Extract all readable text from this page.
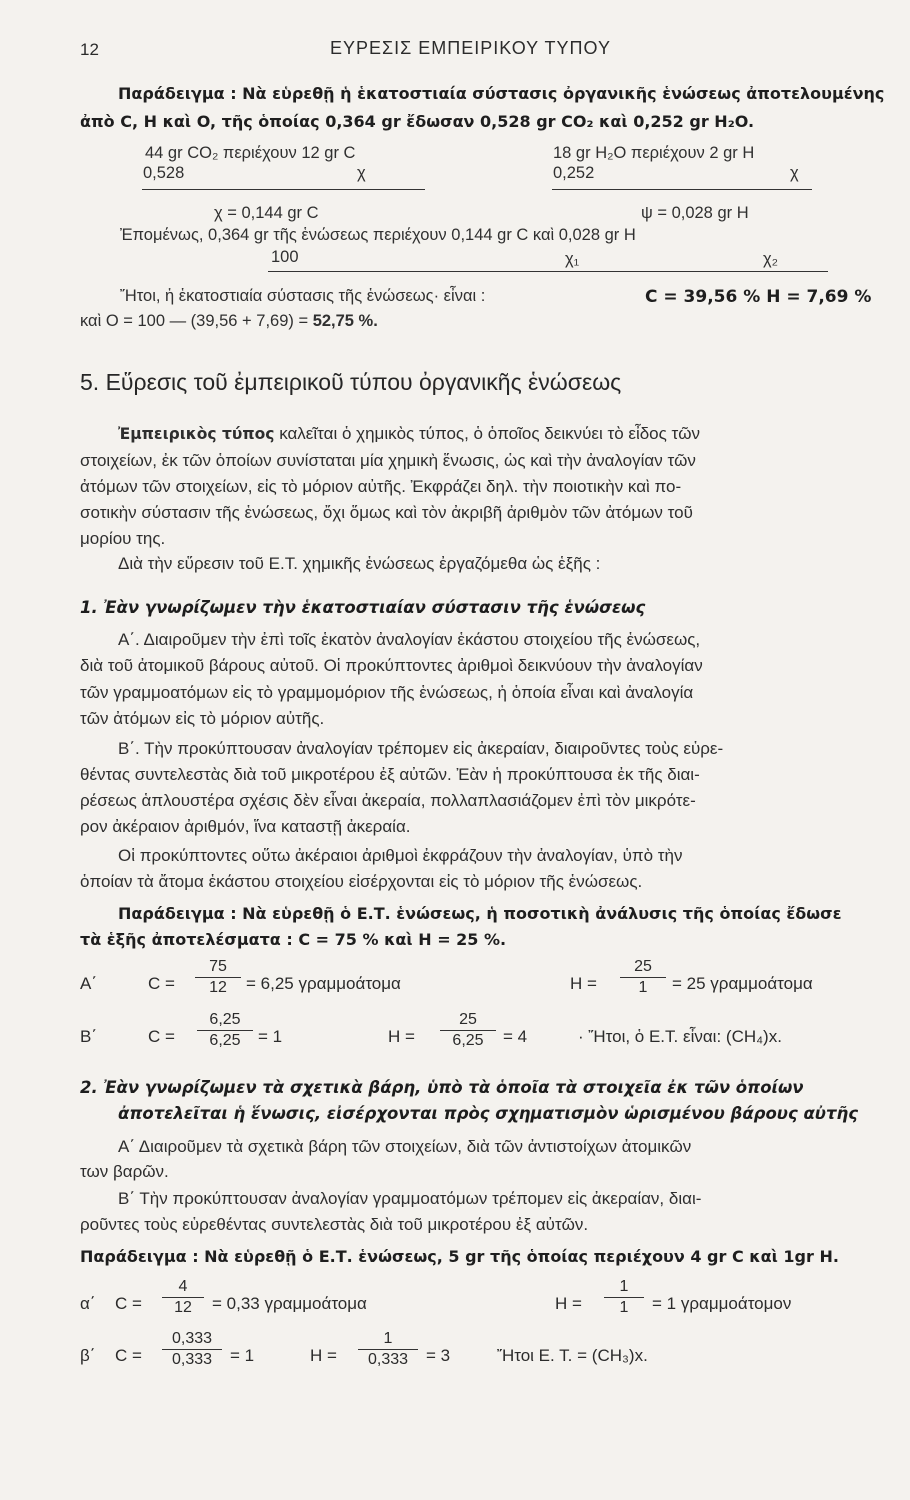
12	ΕΥΡΕΣΙΣ ΕΜΠΕΙΡΙΚΟΥ ΤΥΠΟΥ
Παράδειγμα : Νὰ εὑρεθῇ ἡ ἑκατοστιαία σύστασις ὀργανικῆς ἑνώσεως ἀποτελουμένης
ἀπὸ C, H καὶ O, τῆς ὁποίας 0,364 gr ἔδωσαν 0,528 gr CO₂ καὶ 0,252 gr H₂O.
44 gr CO₂ περιέχουν 12 gr C
0,528	χ
18 gr H₂O περιέχουν 2 gr H
0,252	χ
χ = 0,144 gr C	ψ = 0,028 gr H
Ἐπομένως, 0,364 gr τῆς ἑνώσεως περιέχουν 0,144 gr C καὶ 0,028 gr H
100	χ₁	χ₂
Ἤτοι, ἡ ἑκατοστιαία σύστασις τῆς ἑνώσεως· εἶναι :	C = 39,56 % H = 7,69 %
καὶ O = 100 — (39,56 + 7,69) = 52,75 %.
5. Εὕρεσις τοῦ ἐμπειρικοῦ τύπου ὀργανικῆς ἑνώσεως
Ἐμπειρικὸς τύπος καλεῖται ὁ χημικὸς τύπος, ὁ ὁποῖος δεικνύει τὸ εἶδος τῶν
στοιχείων, ἐκ τῶν ὁποίων συνίσταται μία χημικὴ ἕνωσις, ὡς καὶ τὴν ἀναλογίαν τῶν
ἀτόμων τῶν στοιχείων, εἰς τὸ μόριον αὐτῆς. Ἐκφράζει δηλ. τὴν ποιοτικὴν καὶ πο-
σοτικὴν σύστασιν τῆς ἑνώσεως, ὄχι ὅμως καὶ τὸν ἀκριβῆ ἀριθμὸν τῶν ἀτόμων τοῦ
μορίου της.
Διὰ τὴν εὕρεσιν τοῦ Ε.Τ. χημικῆς ἑνώσεως ἐργαζόμεθα ὡς ἑξῆς :
1. Ἐὰν γνωρίζωμεν τὴν ἑκατοστιαίαν σύστασιν τῆς ἑνώσεως
Α΄. Διαιροῦμεν τὴν ἐπὶ τοῖς ἑκατὸν ἀναλογίαν ἑκάστου στοιχείου τῆς ἑνώσεως,
διὰ τοῦ ἀτομικοῦ βάρους αὐτοῦ. Οἱ προκύπτοντες ἀριθμοὶ δεικνύουν τὴν ἀναλογίαν
τῶν γραμμοατόμων εἰς τὸ γραμμομόριον τῆς ἑνώσεως, ἡ ὁποία εἶναι καὶ ἀναλογία
τῶν ἀτόμων εἰς τὸ μόριον αὐτῆς.
Β΄. Τὴν προκύπτουσαν ἀναλογίαν τρέπομεν εἰς ἀκεραίαν, διαιροῦντες τοὺς εὑρε-
θέντας συντελεστὰς διὰ τοῦ μικροτέρου ἐξ αὐτῶν. Ἐὰν ἡ προκύπτουσα ἐκ τῆς διαι-
ρέσεως ἁπλουστέρα σχέσις δὲν εἶναι ἀκεραία, πολλαπλασιάζομεν ἐπὶ τὸν μικρότε-
ρον ἀκέραιον ἀριθμόν, ἵνα καταστῇ ἀκεραία.
Οἱ προκύπτοντες οὕτω ἀκέραιοι ἀριθμοὶ ἐκφράζουν τὴν ἀναλογίαν, ὑπὸ τὴν
ὁποίαν τὰ ἄτομα ἑκάστου στοιχείου εἰσέρχονται εἰς τὸ μόριον τῆς ἑνώσεως.
Παράδειγμα : Νὰ εὑρεθῇ ὁ Ε.Τ. ἑνώσεως, ἡ ποσοτικὴ ἀνάλυσις τῆς ὁποίας ἔδωσε
τὰ ἑξῆς ἀποτελέσματα : C = 75 % καὶ H = 25 %.
Α΄	C =
75
12	= 6,25 γραμμοάτομα	H =
25
1	= 25 γραμμοάτομα
Β΄	C =
6,25
6,25	= 1	H =
25
6,25	= 4	· Ἤτοι, ὁ Ε.Τ. εἶναι: (CH₄)x.
2. Ἐὰν γνωρίζωμεν τὰ σχετικὰ βάρη, ὑπὸ τὰ ὁποῖα τὰ στοιχεῖα ἐκ τῶν ὁποίων
ἀποτελεῖται ἡ ἕνωσις, εἰσέρχονται πρὸς σχηματισμὸν ὡρισμένου βάρους αὐτῆς
Α΄ Διαιροῦμεν τὰ σχετικὰ βάρη τῶν στοιχείων, διὰ τῶν ἀντιστοίχων ἀτομικῶν
των βαρῶν.
Β΄ Τὴν προκύπτουσαν ἀναλογίαν γραμμοατόμων τρέπομεν εἰς ἀκεραίαν, διαι-
ροῦντες τοὺς εὑρεθέντας συντελεστὰς διὰ τοῦ μικροτέρου ἐξ αὐτῶν.
Παράδειγμα : Νὰ εὑρεθῇ ὁ Ε.Τ. ἑνώσεως, 5 gr τῆς ὁποίας περιέχουν 4 gr C καὶ 1gr H.
α΄ C =
4
12	= 0,33 γραμμοάτομα	H =
1
1	= 1 γραμμοάτομον
β΄ C =
0,333
0,333	= 1	H =
1
0,333	= 3	Ἤτοι Ε. Τ. = (CH₃)x.
